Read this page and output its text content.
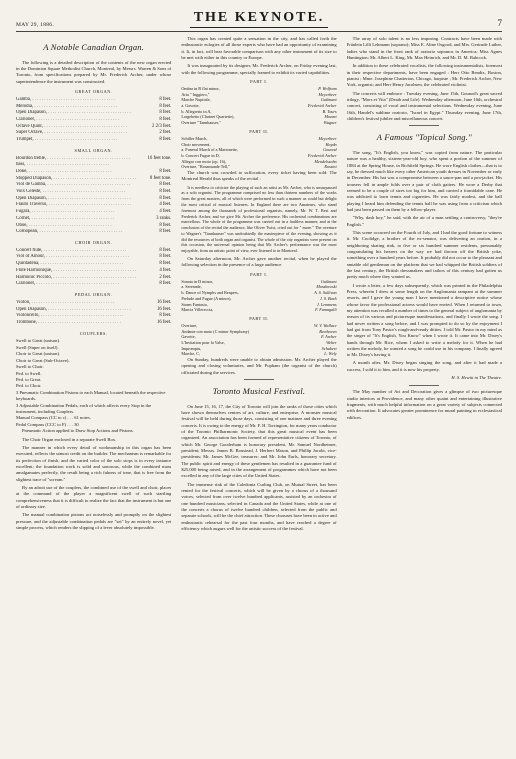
MAY 29, 1886.	THE KEYNOTE.	7
A Notable Canadian Organ.

The following is a detailed description of the contents of the new organ erected in the Dominion Square Methodist Church, Montreal, by Messrs. Warren & Sons of Toronto, from specifications prepared by Mr. Frederick Archer, under whose superintendence the instrument was constructed.

GREAT ORGAN.
Gamba, . . .	8 feet.
Melodia, . . .	8 feet.
Open Diapason, . . .	8 feet.
Clarionet, . . .	8 feet.
Octave Quint, . . .	2 2/3 feet.
Super Octave, . . .	2 feet.
Trumpet, . . .	8 feet.
SMALL ORGAN.
Bourdon treble, . . .	16 feet tone.
bass, . . .
Doke, . . .	8 feet.
Stopped Diapason, . . .	8 feet tone.
Viol de Gamba, . . .	8 feet.
Voix Celeste, . . .	8 feet.
Open Diapason, . . .	8 feet.
Flauto Traverso, . . .	4 feet.
Fugara, . . .	4 feet.
Cornet, . . .	3 ranks.
Oboe, . . .	8 feet.
Cornopean, . . .	8 feet.
CHOIR ORGAN.
Concert flute, . . .	8 feet.
Viol of Amour, . . .	8 feet.
Quintadena, . . .	8 feet.
Flute Harmonique, . . .	4 feet.
Harmonic Piccolo, . . .	2 feet.
Clarionet, . . .	8 feet.
PEDAL ORGAN.
Violon, . . .	16 feet.
Open Diapason, . . .	16 feet.
Violoncello, . . .	8 feet.
Trombone, . . .	16 feet.
COUPLERS.
Swell to Great (unison).
Swell (Super on itself).
Choir to Great (unison).
Choir to Great (Sub-Octave).
Swell to Choir.
Ped. to Swell.
Ped. to Great.
Ped. to Choir.
3 Pneumatic Combination Pistons to each Manual, located beneath the respective keyboards.
3 Adjustable Combination Pedals, each of which affects every Stop in the instrument, including Couplers.
Manual Compass (CC to c) . . . 61 notes.
Pedal Compass (CCC to F) . . . 30

Pneumatic Action applied to Draw Stop Actions and Pistons.

The Choir Organ enclosed in a separate Swell Box.

The manner in which every detail of workmanship in this organ has been executed, reflects the utmost credit on the builder. The mechanism is remarkable for its perfection of finish, and the varied color of the solo stops is in every instance excellent; the foundation work is solid and sonorous, while the combined mass amalgamates perfectly, the result being a rich fulness of tone, that is free from the slightest trace of "scream."

By an adroit use of the couplers, the combined use of the swell and choir, places at the command of the player a magnificent swell of such startling comprehensiveness that it is difficult to realize the fact that the instrument is but one of ordinary size.

The manual combination pistons act noiselessly and promptly on the slightest pressure, and the adjustable combination pedals are "set" by an entirely novel, yet simple process, which renders the slipping of a lever absolutely impossible.

This organ has created quite a sensation in the city, and has called forth the enthusiastic eulogies of all those experts who have had an opportunity of examining it. It, in fact, will bear favorable comparison with any other instrument of its size to be met with either in this country or Europe.

It was inaugurated by its designer, Mr. Frederick Archer, on Friday evening last, with the following programme, specially framed to exhibit its varied capabilities.

PART I.
Ombra in B flat minor,	P. Wolfram
Aria " Inggiero,"	Meyerbeer
Marche Nuptiale,	Guilmant
a. Gavotte,	Frederick Archer
b. Allegretto in A,	B. Tours
Largehetto (Clarinet Quartette),	Mozart
Overture "Tannhauser,"	Wagner
PART II.
Schiller March,	Meyerbeer
Choir movement,	Haydn
a. Funeral March of a Marionette,	Gounod
b. Concert Fugue in D,	Frederick Archer
Allegro con moto (op. 16),	Mendelssohn
Overture, "Rosamunde Tell,"	Rossini

The church was crowded to suffocation, every ticket having been sold. The Montreal Herald thus speaks of the recital :

It is needless to criticize the playing of such an artist as Mr. Archer, who is unsurpassed as a solo organist. The programme comprised no less than thirteen numbers of the works from the great masters, all of which were performed in such a manner as could but delight the most critical of musical listeners. In England there are two Amateurs, who stand foremost among the thousands of professional organists, namely, Mr. W. T. Best and Frederick Archer, and we give Mr. Archer the preference. His orchestral combinations are marvellous. The whole of the programme was carried out in a faultless manner, and at the conclusion of the recital the audience, like Oliver Twist, cried out for " more." The overture to Wagner's "Tannhauser" was undoubtedly the masterpiece of the evening, showing as it did the resources of both organ and organist. The whole of the city organists were present on this occasion, the universal opinion being that Mr. Archer's performance was the most enjoyable, from an artistic point of view, ever listened to in Montreal.

On Saturday afternoon, Mr. Archer gave another recital, when he played the following selection in the presence of a large audience.

PART I.
Sonata in D minor,	Guilmant
a. Serenade,	Moszkowski
b. Dance of Nymphs and Reapers,	A. S. Sullivan
Prelude and Fugue (A minor),	J. S. Bach
Storm Fantasia,	J. Lemmens
Marcia Villereccia,	F. Fumagalli
PART II.
Overture,	W. V. Wallace
Andante con moto (C minor Symphony)	Beethoven
Gavotte,	F. Archer
L'Invitation pour la Valse,	Weber
Impromptu,	Schubert
Marche, C,	L. Wely

On Sunday, hundreds were unable to obtain admission. Mr. Archer played the opening and closing voluntaries, and Mr. Popham (the organist of the church) officiated during the services.

Toronto Musical Festival.

On June 15, 16, 17, the City of Toronto will join the ranks of those cities which have shown themselves centres of art, culture, and enterprise. A monster musical festival will be held during those days, consisting of one matinee and three evening concerts. It is owing to the energy of Mr. F. H. Torrington, for many years conductor of the Toronto Philharmonic Society, that this great musical event has been organized. An association has been formed of representative citizens of Toronto, of which Mr. George Gooderham is honorary president, Mr. Samuel Nordheimer, president; Messrs. James B. Boustead, J. Herbert Mason, and Phillip Jacobi, vice-presidents; Mr. James McGee, treasurer; and Mr. John Earls, honorary secretary. The public spirit and energy of these gentlemen has resulted in a guarantee fund of $25,000 being raised, and in the arrangement of programmes which have not been excelled in any of the large cities of the United States.

The immense rink of the Caledonia Curling Club, on Mutual Street, has been rented for the festival concerts, which will be given by a chorus of a thousand voices, selected from over twelve hundred applicants, assisted by an orchestra of one hundred musicians, selected in Canada and the United States, while at one of the concerts a chorus of twelve hundred children, selected from the public and separate schools, will be the chief attraction. These choruses have been in active and enthusiastic rehearsal for the past four months, and have reached a degree of efficiency which augurs well for the artistic success of the festival.

The array of solo talent is no less imposing. Contracts have been made with Fräulein Lilli Lehmann (soprano); Miss E. Aline Osgood, and Mrs. Gertrude Luther, ladies who stand in the front rank of oratorio sopranos in America; Miss Agnes Huntington; Mr. Albert L. King, Mr. Max Heinrich, and Mr. D. M. Babcock.

In addition to these celebrated vocalists, the following instrumentalists, foremost in their respective departments, have been engaged : Herr Otto Bendix, Boston, pianist ; Mme. Josephine Chatterton, Chicago, harpiste ; Mr. Frederick Archer, New York, organist; and Herr Henry Jacobsen, the celebrated violinist.

The concerts will embrace : Tuesday evening, June 15th, Gounod's great sacred trilogy, "Mors et Vita" (Death and Life). Wednesday afternoon, June 16th, orchestral concert, consisting of vocal and instrumental selections. Wednesday evening, June 16th, Handel's sublime oratorio, "Israel in Egypt." Thursday evening, June 17th, children's festival jubilee and miscellaneous concert.

A Famous "Topical Song."

The song, "It's English, you know," was copied from nature. The particular nature was a healthy, sixteen-year-old boy, who spent a portion of the summer of 1884 at the Spring House, in Richfield Springs. He wore English clothes—that is to say, he dressed much like every other American youth dresses in November or early in December. His hat was a compromise between a sauce-pan and a pea-jacket. His trousers fell in ample folds over a pair of cloth gaiters. He wore a Derby that seemed to be a couple of sizes too big for him, and carried a formidable cane. He was addicted to lawn tennis and cigarettes. He was fairly modest, and the ball playing I heard him defending the tennis ball he was using from a criticism which had just been passed on them by a fellow-player.

"Why, dash boy," he said, with the air of a man settling a controversy, "they're English."

This scene occurred on the Fourth of July, and I had the good fortune to witness it. Mr. Coolidge, a brother of the ex-senator, was delivering an oration, in a neighboring skating rink, to five or six hundred summer residents, presumably congratulating his hearers on the way we had thrown off the British yoke, something over a hundred years before. It probably did not occur to the pleasant and amiable old gentleman on the platform that we had whipped the British soldiers of the last century, the British dressmakers and tailors of this century had gotten us pretty much where they wanted us.

I wrote a letter, a few days subsequently, which was printed in the Philadelphia Press, wherein I drew at some length on the Anglomania rampant at the summer resorts, and I gave the young man I have mentioned a descriptive notice whose whose favor the professional actress would have envied. When I returned to town, my attention was recalled a number of times to the general subject of anglomania by reason of its various and picturesque manifestations, and finally I wrote the song. I had never written a song before, and I was prompted to do so by the enjoyment I had got from Tony Pastor's rough-and-ready ditties. I told Mr. Pastor in my mind as the singer of "It's English, You Know" when I wrote it. It came into Mr. Dixey's hands through Mr. Rice, whom I asked to write a melody for it. When he had written the melody, he wanted a song he could use in his company. I finally agreed to Mr. Dixey's having it.

A month after, Mr. Dixey began singing the song, and after it had made a success, I sold it to him, and it is now his property.

H. S. Hewitt in The Theatre.

The May number of Art and Decoration gives a glimpse of two picturesque studio interiors at Providence, and many other quaint and entertaining illustrative fragments, with much helpful information on a great variety of subjects connected with decoration. It advocates greater prominence for mural painting in ecclesiastical edifices.
